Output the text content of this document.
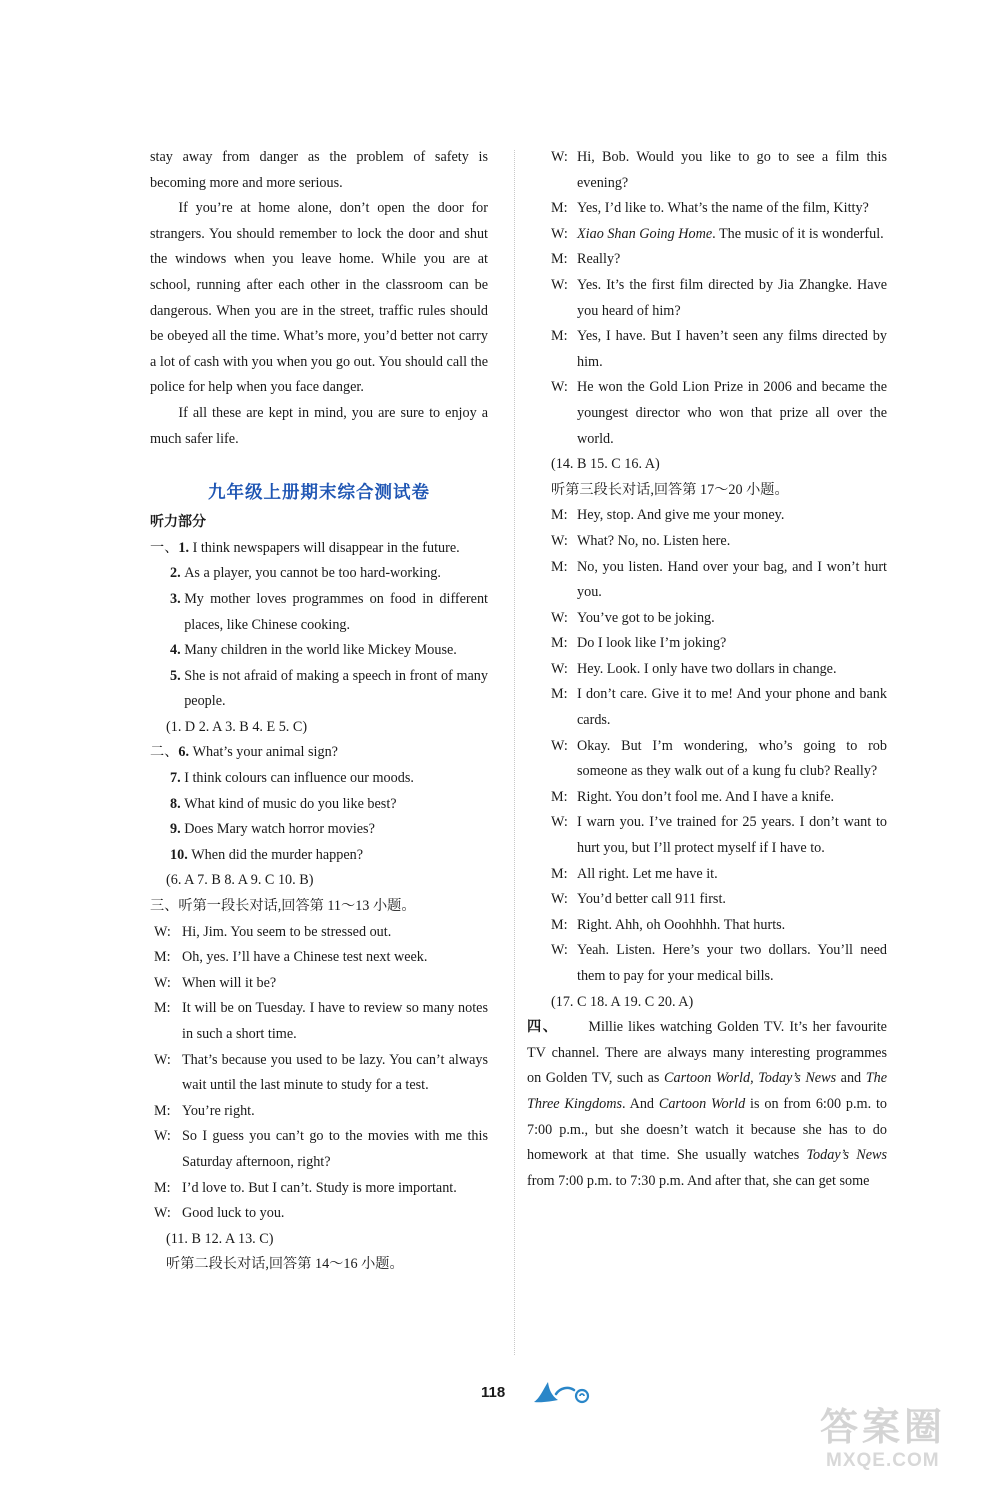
stay away from danger as the problem of safety is becoming more and more serious.

If you’re at home alone, don’t open the door for strangers. You should remember to lock the door and shut the windows when you leave home. While you are at school, running after each other in the classroom can be dangerous. When you are in the street, traffic rules should be obeyed all the time. What’s more, you’d better not carry a lot of cash with you when you go out. You should call the police for help when you face danger.

If all these are kept in mind, you are sure to enjoy a much safer life.

九年级上册期末综合测试卷
听力部分
一、1. I think newspapers will disappear in the future.
2. As a player, you cannot be too hard-working.
3. My mother loves programmes on food in different places, like Chinese cooking.
4. Many children in the world like Mickey Mouse.
5. She is not afraid of making a speech in front of many people.
(1. D 2. A 3. B 4. E 5. C)
二、6. What’s your animal sign?
7. I think colours can influence our moods.
8. What kind of music do you like best?
9. Does Mary watch horror movies?
10. When did the murder happen?
(6. A 7. B 8. A 9. C 10. B)
三、听第一段长对话,回答第 11～13 小题。
W: Hi, Jim. You seem to be stressed out.
M: Oh, yes. I’ll have a Chinese test next week.
W: When will it be?
M: It will be on Tuesday. I have to review so many notes in such a short time.
W: That’s because you used to be lazy. You can’t always wait until the last minute to study for a test.
M: You’re right.
W: So I guess you can’t go to the movies with me this Saturday afternoon, right?
M: I’d love to. But I can’t. Study is more important.
W: Good luck to you.
(11. B 12. A 13. C)
听第二段长对话,回答第 14～16 小题。
W: Hi, Bob. Would you like to go to see a film this evening?
M: Yes, I’d like to. What’s the name of the film, Kitty?
W: Xiao Shan Going Home. The music of it is wonderful.
M: Really?
W: Yes. It’s the first film directed by Jia Zhangke. Have you heard of him?
M: Yes, I have. But I haven’t seen any films directed by him.
W: He won the Gold Lion Prize in 2006 and became the youngest director who won that prize all over the world.
(14. B 15. C 16. A)
听第三段长对话,回答第 17～20 小题。
M: Hey, stop. And give me your money.
W: What? No, no. Listen here.
M: No, you listen. Hand over your bag, and I won’t hurt you.
W: You’ve got to be joking.
M: Do I look like I’m joking?
W: Hey. Look. I only have two dollars in change.
M: I don’t care. Give it to me! And your phone and bank cards.
W: Okay. But I’m wondering, who’s going to rob someone as they walk out of a kung fu club? Really?
M: Right. You don’t fool me. And I have a knife.
W: I warn you. I’ve trained for 25 years. I don’t want to hurt you, but I’ll protect myself if I have to.
M: All right. Let me have it.
W: You’d better call 911 first.
M: Right. Ahh, oh Ooohhhh. That hurts.
W: Yeah. Listen. Here’s your two dollars. You’ll need them to pay for your medical bills.
(17. C 18. A 19. C 20. A)

四、 Millie likes watching Golden TV. It’s her favourite TV channel. There are always many interesting programmes on Golden TV, such as Cartoon World, Today’s News and The Three Kingdoms. And Cartoon World is on from 6:00 p.m. to 7:00 p.m., but she doesn’t watch it because she has to do homework at that time. She usually watches Today’s News from 7:00 p.m. to 7:30 p.m. And after that, she can get some

118
答案圈
MXQE.COM
